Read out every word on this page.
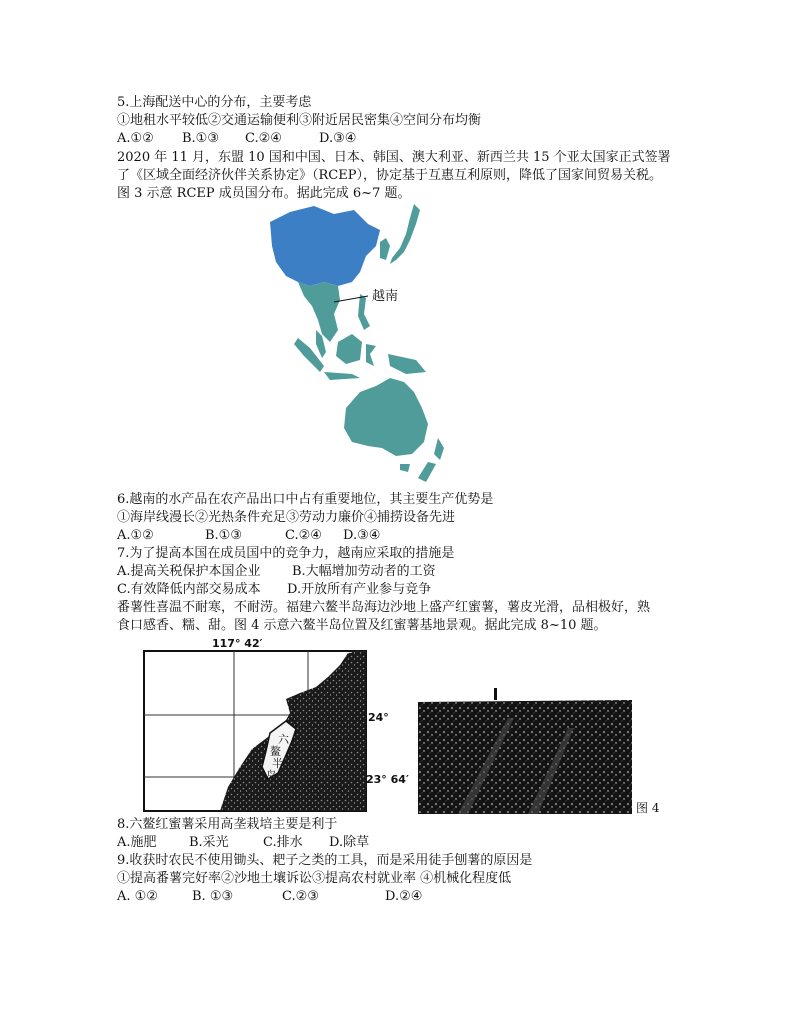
5.上海配送中心的分布，主要考虑
①地租水平较低②交通运输便利③附近居民密集④空间分布均衡
A.①② B.①③ C.②④	D.③④
2020 年 11 月，东盟 10 国和中国、日本、韩国、澳大利亚、新西兰共 15 个亚太国家正式签署
了《区域全面经济伙伴关系协定》（RCEP），协定基于互惠互利原则，降低了国家间贸易关税。
图 3 示意 RCEP 成员国分布。据此完成 6~7 题。
越南
6.越南的水产品在农产品出口中占有重要地位，其主要生产优势是
①海岸线漫长②光热条件充足③劳动力廉价④捕捞设备先进
A.①②	B.①③	C.②④ D.③④
7.为了提高本国在成员国中的竞争力，越南应采取的措施是
A.提高关税保护本国企业 B.大幅增加劳动者的工资
C.有效降低内部交易成本 D.开放所有产业参与竞争
番薯性喜温不耐寒，不耐涝。福建六鳌半岛海边沙地上盛产红蜜薯，薯皮光滑，品相极好，熟
食口感香、糯、甜。图 4 示意六鳌半岛位置及红蜜薯基地景观。据此完成 8~10 题。
六
鳌
半
岛
117° 42′
24°
23° 64′
图 4
8.六鳌红蜜薯采用高垄栽培主要是利于
A.施肥 B.采光	C.排水 D.除草
9.收获时农民不使用锄头、耙子之类的工具，而是采用徒手刨薯的原因是
①提高番薯完好率②沙地土壤诉讼③提高农村就业率 ④机械化程度低
A. ①②	B. ①③	C.②③	D.②④
